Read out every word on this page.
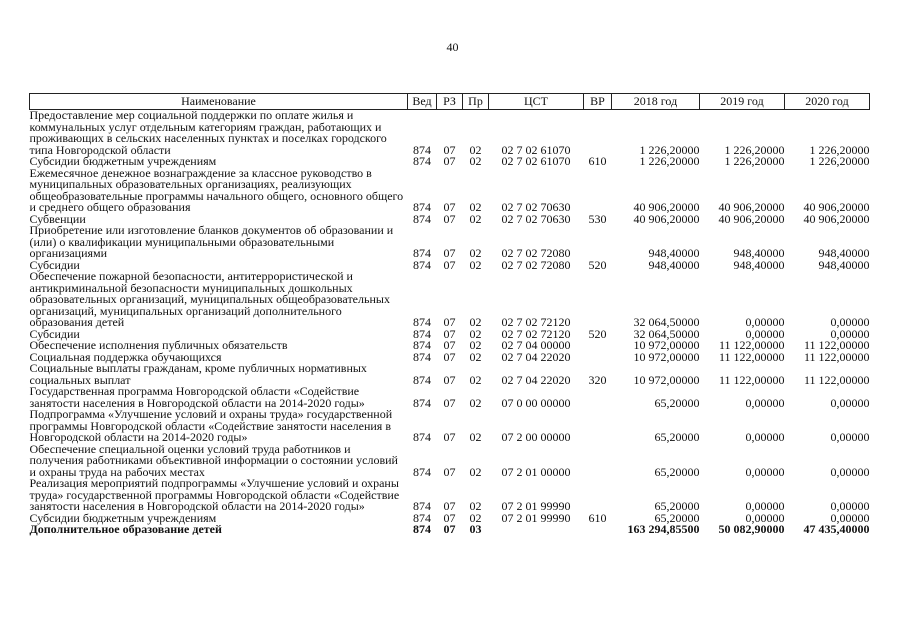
40
Наименование	Вед	РЗ	Пр	ЦСТ	ВР	2018 год	2019 год	2020 год
Предоставление мер социальной поддержки по оплате жилья и коммунальных услуг отдельным категориям граждан, работающих и проживающих в сельских населенных пунктах и поселках городского типа Новгородской области	874	07	02	02 7 02 61070		1 226,20000	1 226,20000	1 226,20000
Субсидии бюджетным учреждениям	874	07	02	02 7 02 61070	610	1 226,20000	1 226,20000	1 226,20000
Ежемесячное денежное вознаграждение за классное руководство в муниципальных образовательных организациях, реализующих общеобразовательные программы начального общего, основного общего и среднего общего образования	874	07	02	02 7 02 70630		40 906,20000	40 906,20000	40 906,20000
Субвенции	874	07	02	02 7 02 70630	530	40 906,20000	40 906,20000	40 906,20000
Приобретение или изготовление бланков документов об образовании и (или) о квалификации муниципальными образовательными организациями	874	07	02	02 7 02 72080		948,40000	948,40000	948,40000
Субсидии	874	07	02	02 7 02 72080	520	948,40000	948,40000	948,40000
Обеспечение пожарной безопасности, антитеррористической и антикриминальной безопасности муниципальных дошкольных образовательных организаций, муниципальных общеобразовательных организаций, муниципальных организаций дополнительного образования детей	874	07	02	02 7 02 72120		32 064,50000	0,00000	0,00000
Субсидии	874	07	02	02 7 02 72120	520	32 064,50000	0,00000	0,00000
Обеспечение исполнения публичных обязательств	874	07	02	02 7 04 00000		10 972,00000	11 122,00000	11 122,00000
Социальная поддержка обучающихся	874	07	02	02 7 04 22020		10 972,00000	11 122,00000	11 122,00000
Социальные выплаты гражданам, кроме публичных нормативных социальных выплат	874	07	02	02 7 04 22020	320	10 972,00000	11 122,00000	11 122,00000
Государственная программа Новгородской области «Содействие занятости населения в Новгородской области на 2014-2020 годы»	874	07	02	07 0 00 00000		65,20000	0,00000	0,00000
Подпрограмма «Улучшение условий и охраны труда» государственной программы Новгородской области «Содействие занятости населения в Новгородской области на 2014-2020 годы»	874	07	02	07 2 00 00000		65,20000	0,00000	0,00000
Обеспечение специальной оценки условий труда работников и получения работниками объективной информации о состоянии условий и охраны труда на рабочих местах	874	07	02	07 2 01 00000		65,20000	0,00000	0,00000
Реализация мероприятий подпрограммы «Улучшение условий и охраны труда» государственной программы Новгородской области «Содействие занятости населения в Новгородской области на 2014-2020 годы»	874	07	02	07 2 01 99990		65,20000	0,00000	0,00000
Субсидии бюджетным учреждениям	874	07	02	07 2 01 99990	610	65,20000	0,00000	0,00000
Дополнительное образование детей	874	07	03			163 294,85500	50 082,90000	47 435,40000
